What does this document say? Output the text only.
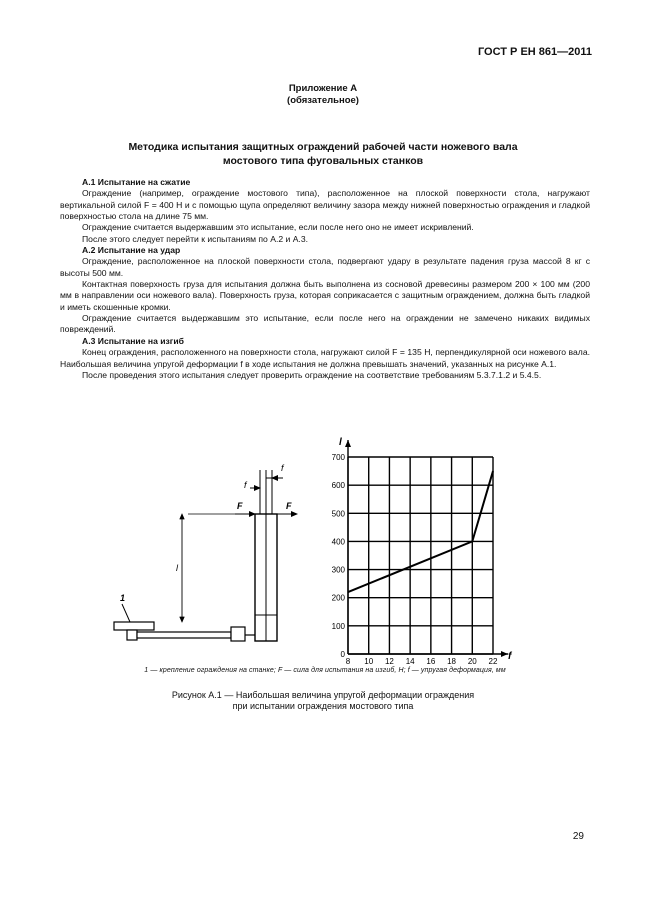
ГОСТ Р ЕН 861—2011
Приложение А
(обязательное)
Методика испытания защитных ограждений рабочей части ножевого вала
мостового типа фуговальных станков
А.1 Испытание на сжатие

Ограждение (например, ограждение мостового типа), расположенное на плоской поверхности стола, нагружают вертикальной силой F = 400 Н и с помощью щупа определяют величину зазора между нижней поверхностью ограждения и гладкой поверхностью стола на длине 75 мм.

Ограждение считается выдержавшим это испытание, если после него оно не имеет искривлений.

После этого следует перейти к испытаниям по А.2 и А.3.

А.2 Испытание на удар

Ограждение, расположенное на плоской поверхности стола, подвергают удару в результате падения груза массой 8 кг с высоты 500 мм.

Контактная поверхность груза для испытания должна быть выполнена из сосновой древесины размером 200 × 100 мм (200 мм в направлении оси ножевого вала). Поверхность груза, которая соприкасается с защитным ограждением, должна быть гладкой и иметь скошенные кромки.

Ограждение считается выдержавшим это испытание, если после него на ограждении не замечено никаких видимых повреждений.

А.3 Испытание на изгиб

Конец ограждения, расположенного на поверхности стола, нагружают силой F = 135 Н, перпендикулярной оси ножевого вала. Наибольшая величина упругой деформации f в ходе испытания не должна превышать значений, указанных на рисунке А.1.

После проведения этого испытания следует проверить ограждение на соответствие требованиям 5.3.7.1.2 и 5.4.5.

f
f
F	F
l
1
0
100
200
300
400
500
600
700
8 10 12 14 16 18 20 22
l
f
1 — крепление ограждения на станке; F — сила для испытания на изгиб, Н; f — упругая деформация, мм
Рисунок А.1 — Наибольшая величина упругой деформации ограждения
при испытании ограждения мостового типа
29
